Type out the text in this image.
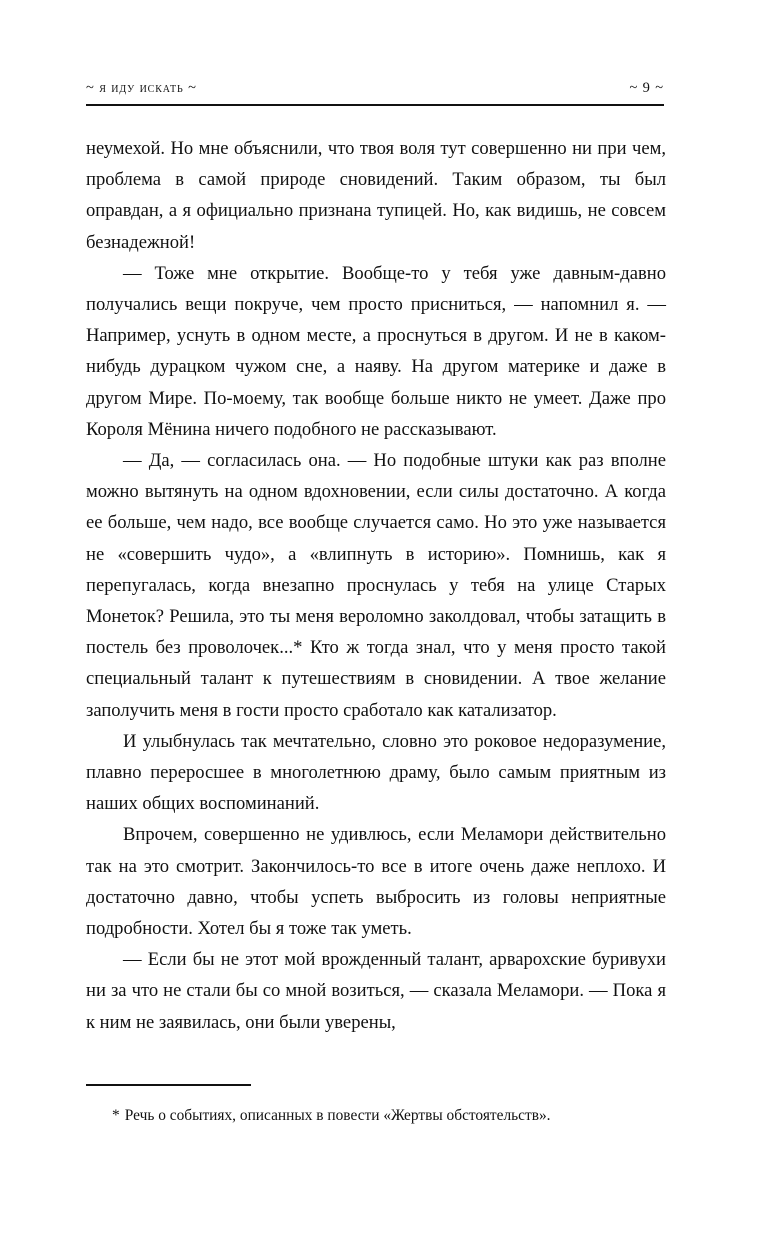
~ я иду искать ~	~ 9 ~

неумехой. Но мне объяснили, что твоя воля тут совершенно ни при чем, проблема в самой природе сновидений. Таким образом, ты был оправдан, а я официально признана тупицей. Но, как видишь, не совсем безнадежной!

— Тоже мне открытие. Вообще-то у тебя уже давным-давно получались вещи покруче, чем просто присниться, — напомнил я. — Например, уснуть в одном месте, а проснуться в другом. И не в каком-нибудь дурацком чужом сне, а наяву. На другом материке и даже в другом Мире. По-моему, так вообще больше никто не умеет. Даже про Короля Мёнина ничего подобного не рассказывают.

— Да, — согласилась она. — Но подобные штуки как раз вполне можно вытянуть на одном вдохновении, если силы достаточно. А когда ее больше, чем надо, все вообще случается само. Но это уже называется не «совершить чудо», а «влипнуть в историю». Помнишь, как я перепугалась, когда внезапно проснулась у тебя на улице Старых Монеток? Решила, это ты меня вероломно заколдовал, чтобы затащить в постель без проволочек...* Кто ж тогда знал, что у меня просто такой специальный талант к путешествиям в сновидении. А твое желание заполучить меня в гости просто сработало как катализатор.

И улыбнулась так мечтательно, словно это роковое недоразумение, плавно переросшее в многолетнюю драму, было самым приятным из наших общих воспоминаний.

Впрочем, совершенно не удивлюсь, если Меламори действительно так на это смотрит. Закончилось-то все в итоге очень даже неплохо. И достаточно давно, чтобы успеть выбросить из головы неприятные подробности. Хотел бы я тоже так уметь.

— Если бы не этот мой врожденный талант, арварохские буривухи ни за что не стали бы со мной возиться, — сказала Меламори. — Пока я к ним не заявилась, они были уверены,

* Речь о событиях, описанных в повести «Жертвы обстоятельств».
